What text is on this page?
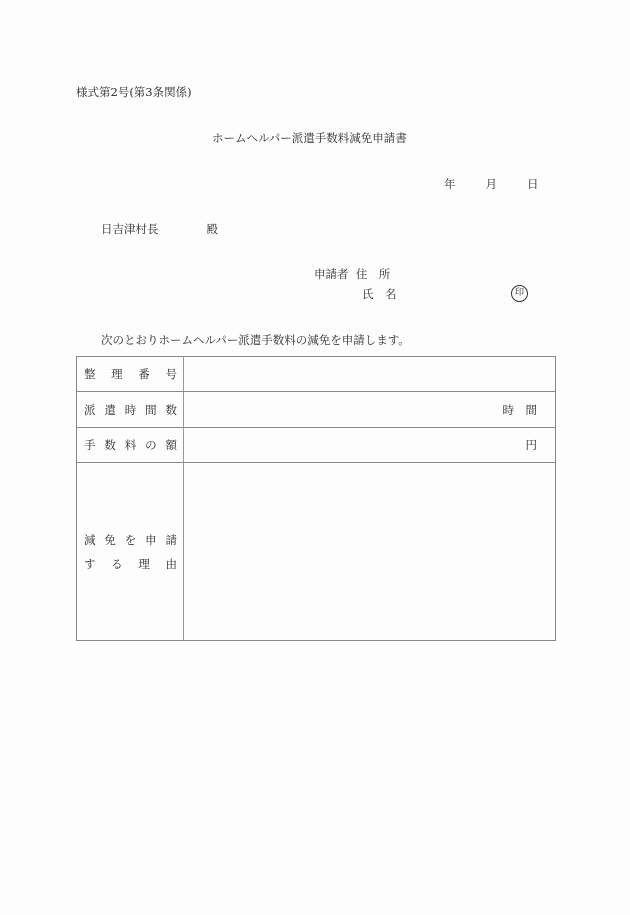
様式第2号(第3条関係)
ホームヘルパー派遣手数料減免申請書
年	月	日
日吉津村長	殿
申請者 住　所
氏　名	印
次のとおりホームヘルパー派遣手数料の減免を申請します。
整 理 番 号	

派 遣 時 間 数	時　間

手 数 料 の 額	円

減 免 を 申 請
す る 理 由
